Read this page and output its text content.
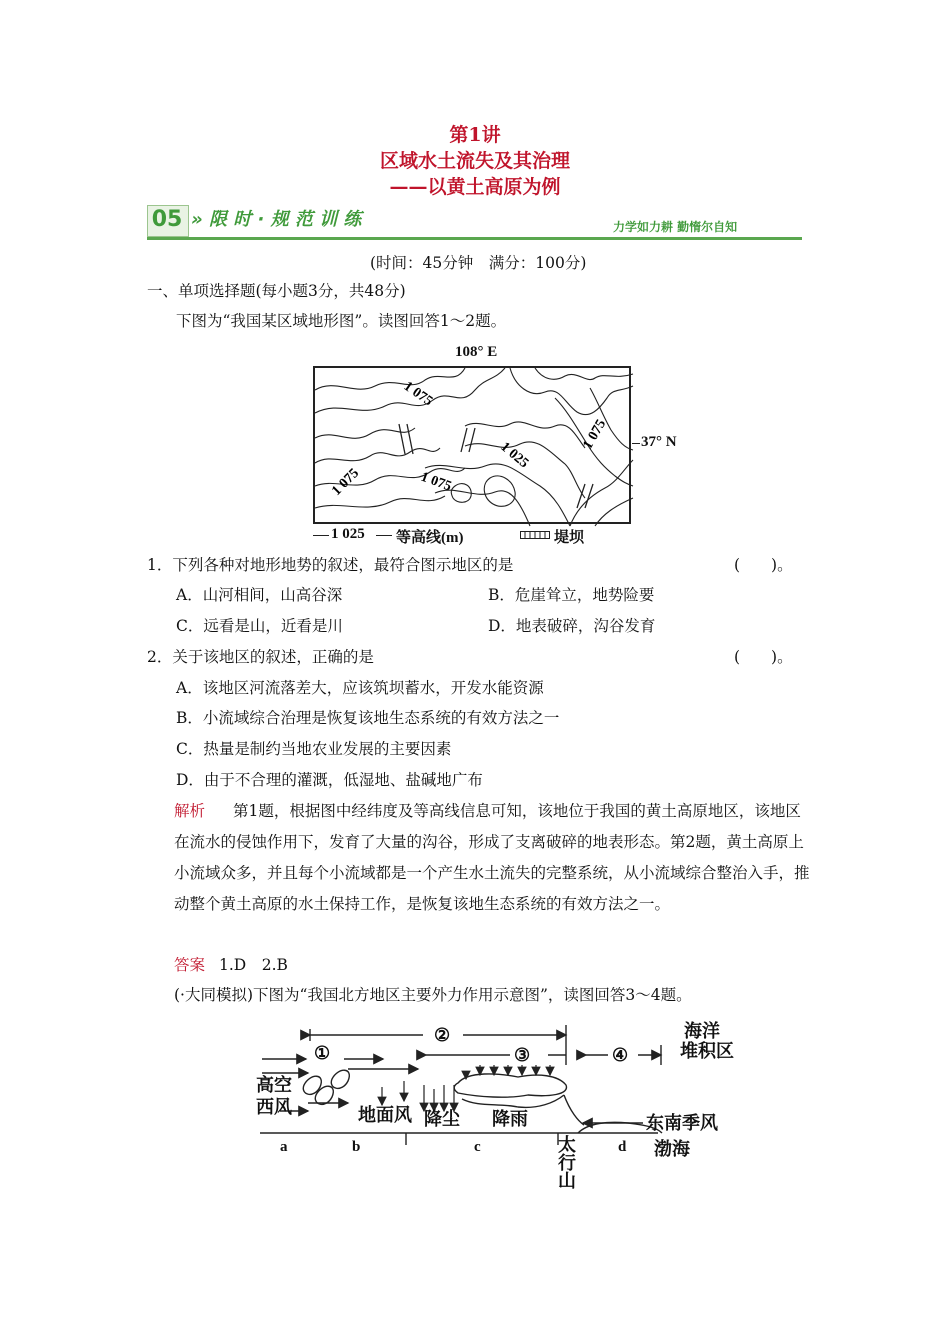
第1讲
区域水土流失及其治理
——以黄土高原为例
05 » 限 时 · 规 范 训 练	力学如力耕 勤惰尔自知
(时间：45分钟　满分：100分)
一、单项选择题(每小题3分，共48分)
下图为“我国某区域地形图”。读图回答1～2题。
108° E
1 075
1 075
1 025
1 075	1 075
37° N
1 025 等高线(m)	堤坝
1．下列各种对地形地势的叙述，最符合图示地区的是	(　　)。
A．山河相间，山高谷深	B．危崖耸立，地势险要
C．远看是山，近看是川	D．地表破碎，沟谷发育
2．关于该地区的叙述，正确的是	(　　)。
A．该地区河流落差大，应该筑坝蓄水，开发水能资源
B．小流域综合治理是恢复该地生态系统的有效方法之一
C．热量是制约当地农业发展的主要因素
D．由于不合理的灌溉，低湿地、盐碱地广布
解析 第1题，根据图中经纬度及等高线信息可知，该地位于我国的黄土高原地区，该地区在流水的侵蚀作用下，发育了大量的沟谷，形成了支离破碎的地表形态。第2题，黄土高原上小流域众多，并且每个小流域都是一个产生水土流失的完整系统，从小流域综合整治入手，推动整个黄土高原的水土保持工作，是恢复该地生态系统的有效方法之一。
答案 1.D　2.B
(·大同模拟)下图为“我国北方地区主要外力作用示意图”，读图回答3～4题。
②
①	③	④
海洋
堆积区
高空
西风	地面风 降尘 降雨	东南季风
渤海
太
行
山
a	b	c	d
